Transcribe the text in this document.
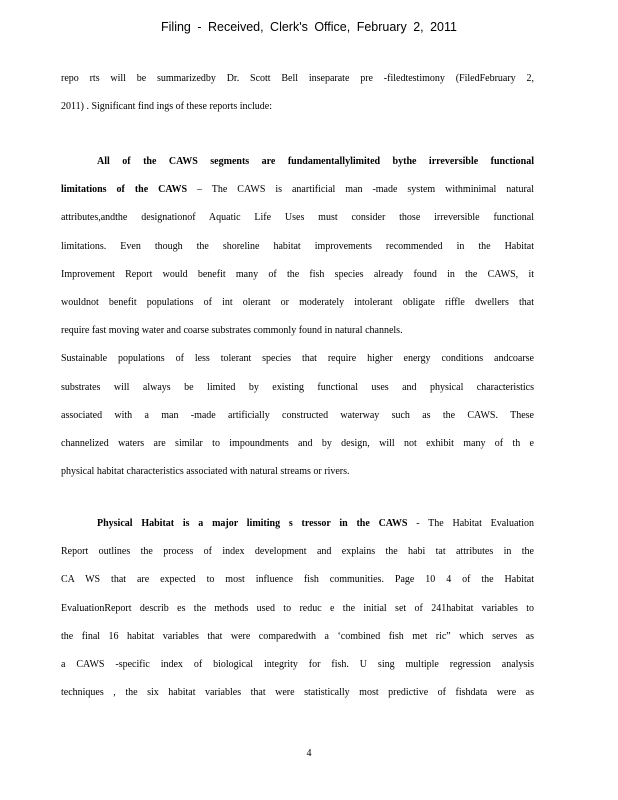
Filing - Received, Clerk's Office, February 2, 2011
repo rts will be summarizedby Dr. Scott Bell inseparate pre -filedtestimony (FiledFebruary 2,
2011) . Significant find ings of these reports include:
All of the CAWS segments are fundamentallylimited bythe irreversible functional
limitations of the CAWS – The CAWS is anartificial man -made system withminimal natural
attributes,andthe designationof Aquatic Life Uses must consider those irreversible functional
limitations. Even though the shoreline habitat improvements recommended in the Habitat
Improvement Report would benefit many of the fish species already found in the CAWS, it
wouldnot benefit populations of int olerant or moderately intolerant obligate riffle dwellers that
require fast moving water and coarse substrates commonly found in natural channels.
Sustainable populations of less tolerant species that require higher energy conditions andcoarse
substrates will always be limited by existing functional uses and physical characteristics
associated with a man -made artificially constructed waterway such as the CAWS. These
channelized waters are similar to impoundments and by design, will not exhibit many of th e
physical habitat characteristics associated with natural streams or rivers.
Physical Habitat is a major limiting s tressor in the CAWS - The Habitat Evaluation
Report outlines the process of index development and explains the habi tat attributes in the
CA WS that are expected to most influence fish communities. Page 10 4 of the Habitat
EvaluationReport describ es the methods used to reduc e the initial set of 241habitat variables to
the final 16 habitat variables that were comparedwith a ‘combined fish met ric” which serves as
a CAWS -specific index of biological integrity for fish. U sing multiple regression analysis
techniques , the six habitat variables that were statistically most predictive of fishdata were as
4
